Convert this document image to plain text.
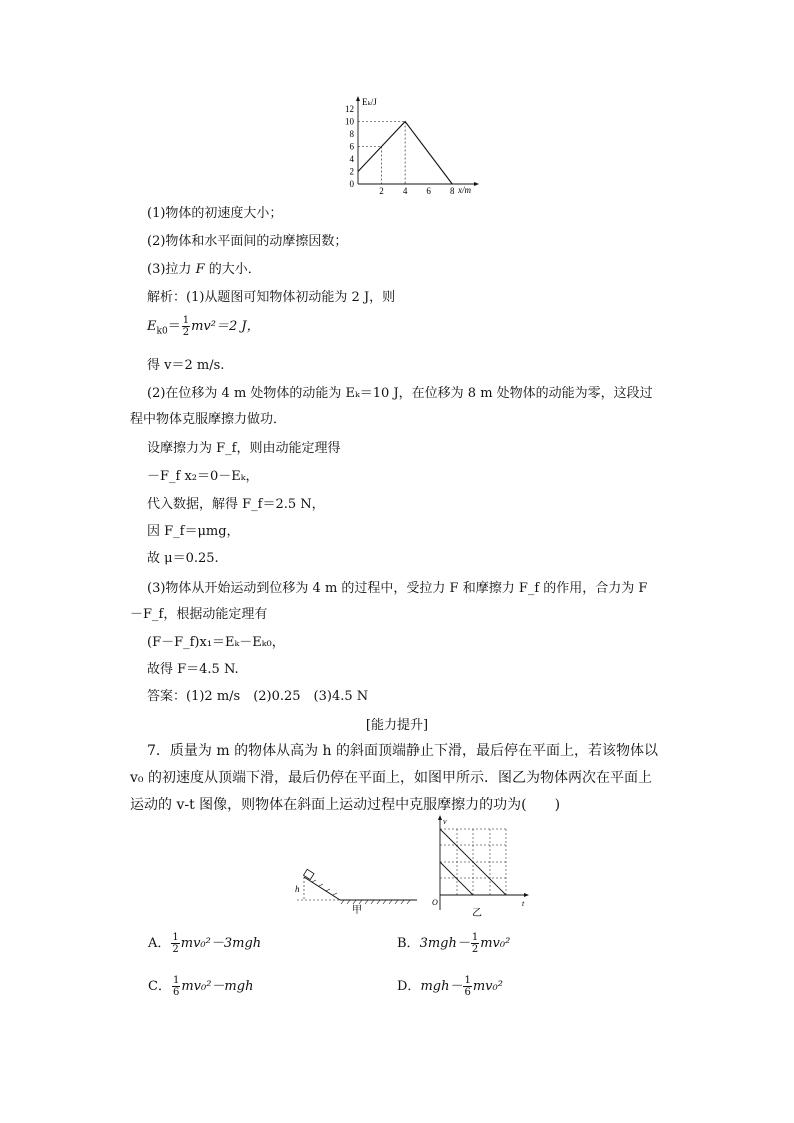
Eₖ/J
x/m
12
10
8
6
4
2
0
2 4 6 8
(1)物体的初速度大小；
(2)物体和水平面间的动摩擦因数；
(3)拉力 F 的大小．
解析：(1)从题图可知物体初动能为 2 J，则
$E_{k0}= \frac{1}{2} mv^2=2$ J，
得 v＝2 m/s.
(2)在位移为 4 m 处物体的动能为 Eₖ＝10 J，在位移为 8 m 处物体的动能为零，这段过程中物体克服摩擦力做功．
设摩擦力为 F_f，则由动能定理得
－F_f x₂＝0－Eₖ，
代入数据，解得 F_f＝2.5 N，
因 F_f＝μmg，
故 μ＝0.25.
(3)物体从开始运动到位移为 4 m 的过程中，受拉力 F 和摩擦力 F_f 的作用，合力为 F－F_f，根据动能定理有
(F－F_f)x₁＝Eₖ－Eₖ₀，
故得 F＝4.5 N.
答案：(1)2 m/s　(2)0.25　(3)4.5 N
[能力提升]
7．质量为 m 的物体从高为 h 的斜面顶端静止下滑，最后停在平面上，若该物体以 v₀ 的初速度从顶端下滑，最后仍停在平面上，如图甲所示．图乙为物体两次在平面上运动的 v-t 图像，则物体在斜面上运动过程中克服摩擦力的功为(　　)
h
甲
v
t
O
乙
A． $\frac{1}{2} mv_0^2-3mgh$	B．$3mgh- \frac{1}{2} mv_0^2$
C． $\frac{1}{6} mv_0^2-mgh$	D．$mgh- \frac{1}{6} mv_0^2$
